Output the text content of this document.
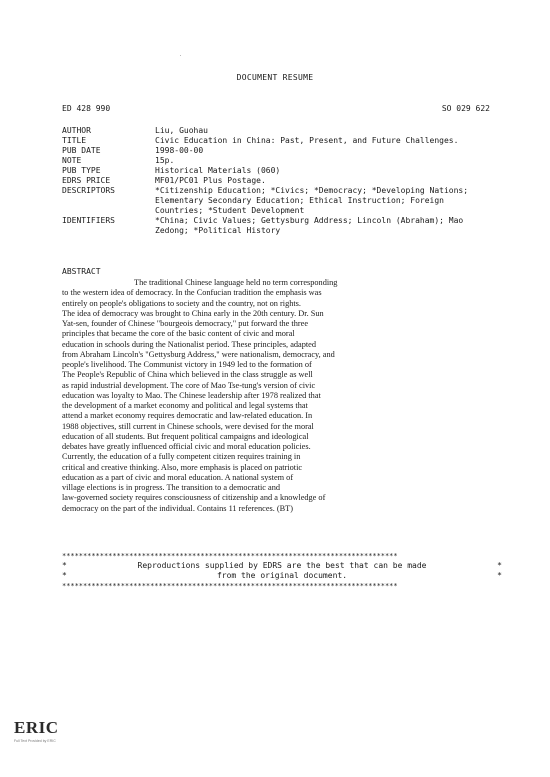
DOCUMENT RESUME
ED 428 990	SO 029 622
AUTHOR	Liu, Guohau
TITLE	Civic Education in China: Past, Present, and Future Challenges.
PUB DATE	1998-00-00
NOTE	15p.
PUB TYPE	Historical Materials (060)
EDRS PRICE	MF01/PC01 Plus Postage.
DESCRIPTORS	*Citizenship Education; *Civics; *Democracy; *Developing Nations; Elementary Secondary Education; Ethical Instruction; Foreign Countries; *Student Development
IDENTIFIERS	*China; Civic Values; Gettysburg Address; Lincoln (Abraham); Mao Zedong; *Political History
ABSTRACT
The traditional Chinese language held no term corresponding
to the western idea of democracy. In the Confucian tradition the emphasis was
entirely on people's obligations to society and the country, not on rights.
The idea of democracy was brought to China early in the 20th century. Dr. Sun
Yat-sen, founder of Chinese "bourgeois democracy," put forward the three
principles that became the core of the basic content of civic and moral
education in schools during the Nationalist period. These principles, adapted
from Abraham Lincoln's "Gettysburg Address," were nationalism, democracy, and
people's livelihood. The Communist victory in 1949 led to the formation of
The People's Republic of China which believed in the class struggle as well
as rapid industrial development. The core of Mao Tse-tung's version of civic
education was loyalty to Mao. The Chinese leadership after 1978 realized that
the development of a market economy and political and legal systems that
attend a market economy requires democratic and law-related education. In
1988 objectives, still current in Chinese schools, were devised for the moral
education of all students. But frequent political campaigns and ideological
debates have greatly influenced official civic and moral education policies.
Currently, the education of a fully competent citizen requires training in
critical and creative thinking. Also, more emphasis is placed on patriotic
education as a part of civic and moral education. A national system of
village elections is in progress. The transition to a democratic and
law-governed society requires consciousness of citizenship and a knowledge of
democracy on the part of the individual. Contains 11 references. (BT)
********************************************************************************
*	Reproductions supplied by EDRS are the best that can be made	*
*	from the original document.	*
********************************************************************************
ERIC
Full Text Provided by ERIC
